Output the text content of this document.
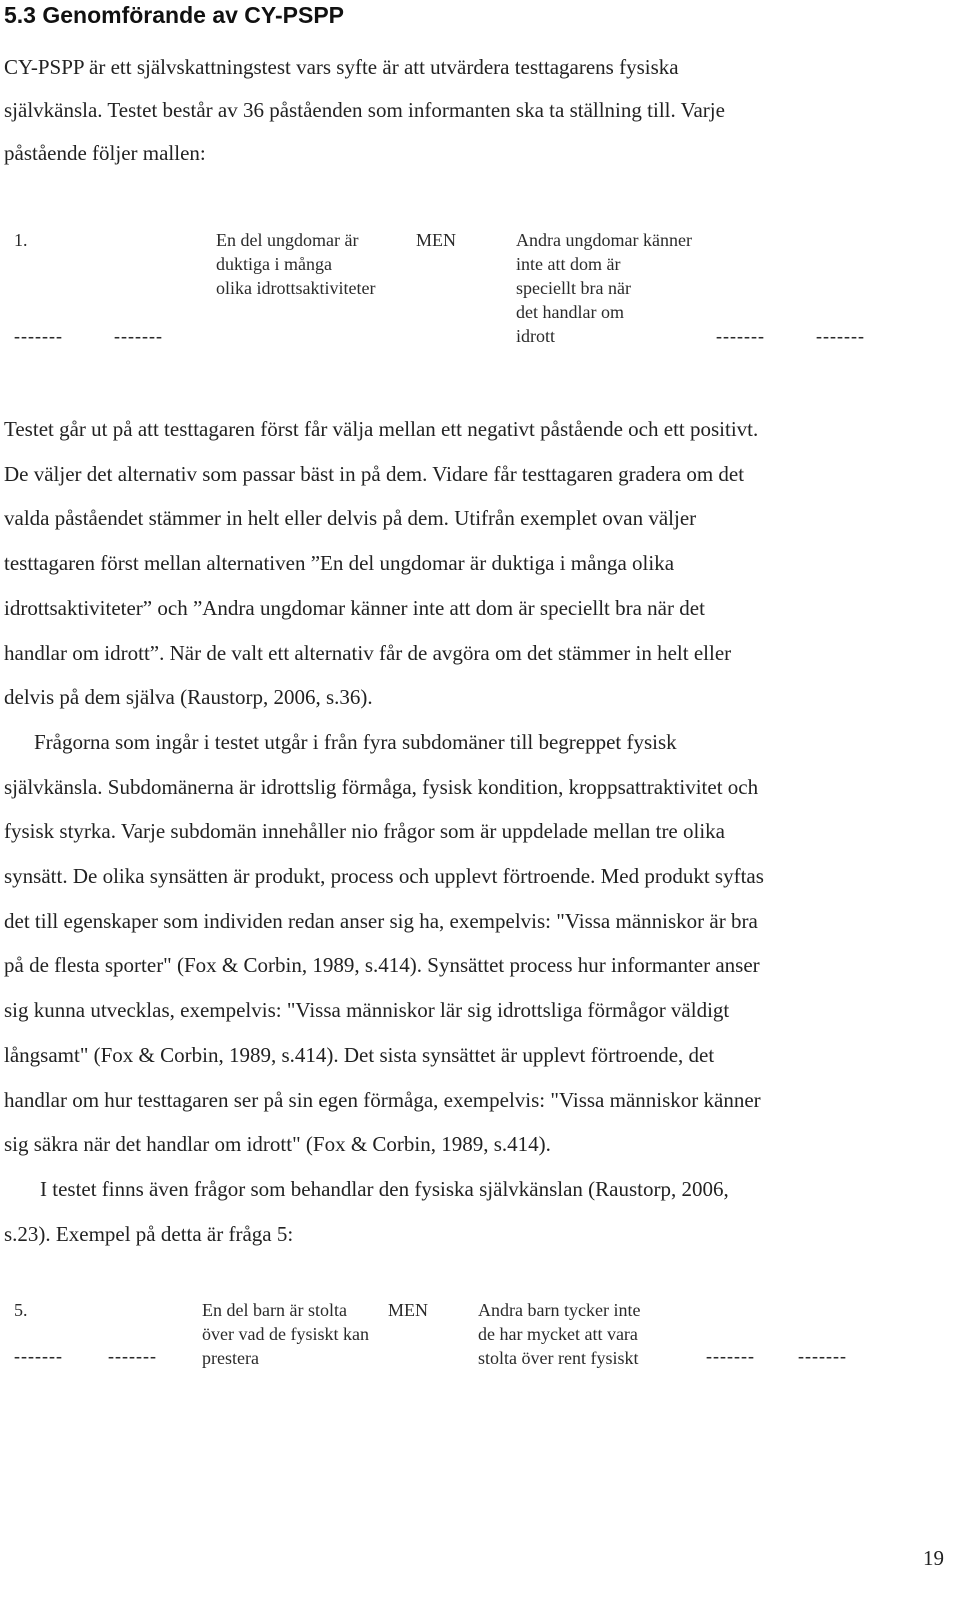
5.3 Genomförande av CY-PSPP
CY-PSPP är ett självskattningstest vars syfte är att utvärdera testtagarens fysiska
självkänsla. Testet består av 36 påståenden som informanten ska ta ställning till. Varje
påstående följer mallen:
1.	En del ungdomar är
duktiga i många
olika idrottsaktiviteter
MEN	Andra ungdomar känner
inte att dom är
speciellt bra när
det handlar om
idrott
-------	-------	-------	-------
Testet går ut på att testtagaren först får välja mellan ett negativt påstående och ett positivt.
De väljer det alternativ som passar bäst in på dem. Vidare får testtagaren gradera om det
valda påståendet stämmer in helt eller delvis på dem. Utifrån exemplet ovan väljer
testtagaren först mellan alternativen ”En del ungdomar är duktiga i många olika
idrottsaktiviteter” och ”Andra ungdomar känner inte att dom är speciellt bra när det
handlar om idrott”. När de valt ett alternativ får de avgöra om det stämmer in helt eller
delvis på dem själva (Raustorp, 2006, s.36).
Frågorna som ingår i testet utgår i från fyra subdomäner till begreppet fysisk
självkänsla. Subdomänerna är idrottslig förmåga, fysisk kondition, kroppsattraktivitet och
fysisk styrka. Varje subdomän innehåller nio frågor som är uppdelade mellan tre olika
synsätt. De olika synsätten är produkt, process och upplevt förtroende. Med produkt syftas
det till egenskaper som individen redan anser sig ha, exempelvis: "Vissa människor är bra
på de flesta sporter" (Fox & Corbin, 1989, s.414). Synsättet process hur informanter anser
sig kunna utvecklas, exempelvis: "Vissa människor lär sig idrottsliga förmågor väldigt
långsamt" (Fox & Corbin, 1989, s.414). Det sista synsättet är upplevt förtroende, det
handlar om hur testtagaren ser på sin egen förmåga, exempelvis: "Vissa människor känner
sig säkra när det handlar om idrott" (Fox & Corbin, 1989, s.414).
I testet finns även frågor som behandlar den fysiska självkänslan (Raustorp, 2006,
s.23). Exempel på detta är fråga 5:
5.	En del barn är stolta
över vad de fysiskt kan
prestera
MEN	Andra barn tycker inte
de har mycket att vara
stolta över rent fysiskt
-------	-------	------- -------
19
